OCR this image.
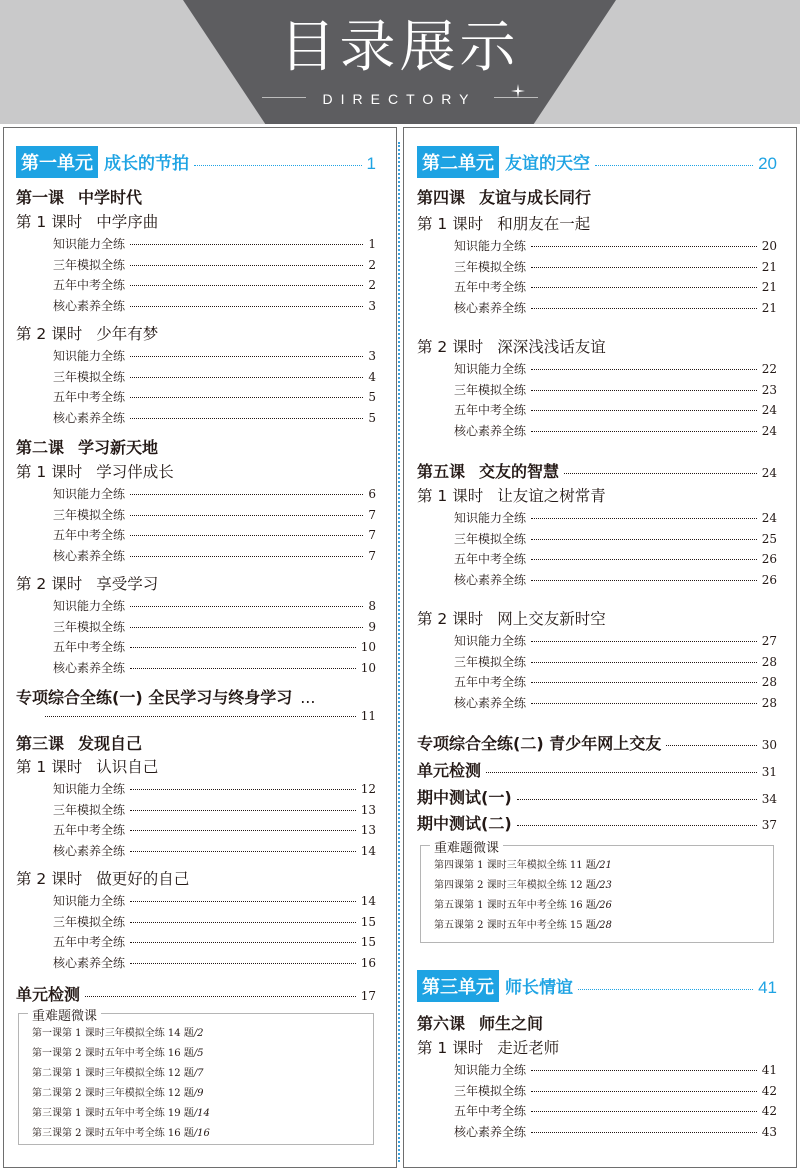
目录展示
DIRECTORY
第一单元 成长的节拍	1
第一课 中学时代
第 1 课时 中学序曲
知识能力全练	1
三年模拟全练	2
五年中考全练	2
核心素养全练	3
第 2 课时 少年有梦
知识能力全练	3
三年模拟全练	4
五年中考全练	5
核心素养全练	5
第二课 学习新天地
第 1 课时 学习伴成长
知识能力全练	6
三年模拟全练	7
五年中考全练	7
核心素养全练	7
第 2 课时 享受学习
知识能力全练	8
三年模拟全练	9
五年中考全练	10
核心素养全练	10
专项综合全练(一) 全民学习与终身学习 ...
11
第三课 发现自己
第 1 课时 认识自己
知识能力全练	12
三年模拟全练	13
五年中考全练	13
核心素养全练	14
第 2 课时 做更好的自己
知识能力全练	14
三年模拟全练	15
五年中考全练	15
核心素养全练	16
单元检测	17
重难题微课
第一课第 1 课时三年模拟全练 14 题/2
第一课第 2 课时五年中考全练 16 题/5
第二课第 1 课时三年模拟全练 12 题/7
第二课第 2 课时三年模拟全练 12 题/9
第三课第 1 课时五年中考全练 19 题/14
第三课第 2 课时五年中考全练 16 题/16
第二单元 友谊的天空	20
第四课 友谊与成长同行
第 1 课时 和朋友在一起
知识能力全练	20
三年模拟全练	21
五年中考全练	21
核心素养全练	21
第 2 课时 深深浅浅话友谊
知识能力全练	22
三年模拟全练	23
五年中考全练	24
核心素养全练	24
第五课 交友的智慧	24
第 1 课时 让友谊之树常青
知识能力全练	24
三年模拟全练	25
五年中考全练	26
核心素养全练	26
第 2 课时 网上交友新时空
知识能力全练	27
三年模拟全练	28
五年中考全练	28
核心素养全练	28
专项综合全练(二) 青少年网上交友	30
单元检测	31
期中测试(一)	34
期中测试(二)	37
重难题微课
第四课第 1 课时三年模拟全练 11 题/21
第四课第 2 课时三年模拟全练 12 题/23
第五课第 1 课时五年中考全练 16 题/26
第五课第 2 课时五年中考全练 15 题/28
第三单元 师长情谊	41
第六课 师生之间
第 1 课时 走近老师
知识能力全练	41
三年模拟全练	42
五年中考全练	42
核心素养全练	43
